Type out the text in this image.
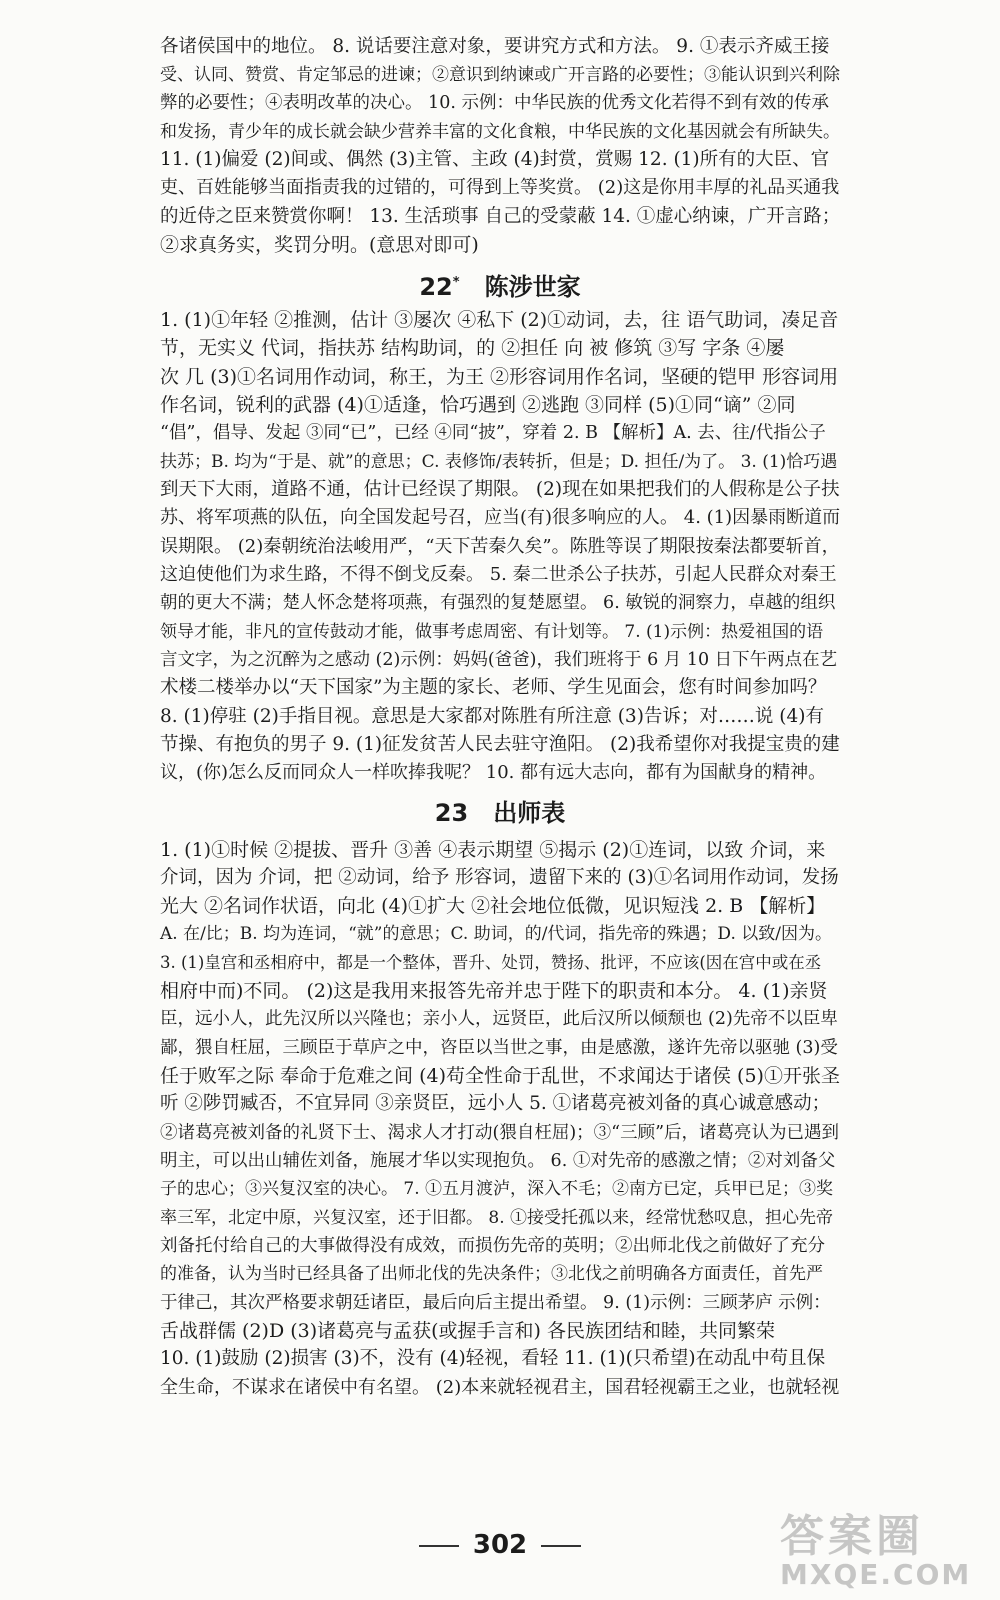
各诸侯国中的地位。 8. 说话要注意对象，要讲究方式和方法。 9. ①表示齐威王接
受、认同、赞赏、肯定邹忌的进谏；②意识到纳谏或广开言路的必要性；③能认识到兴利除
弊的必要性；④表明改革的决心。 10. 示例：中华民族的优秀文化若得不到有效的传承
和发扬，青少年的成长就会缺少营养丰富的文化食粮，中华民族的文化基因就会有所缺失。
11. (1)偏爱 (2)间或、偶然 (3)主管、主政 (4)封赏，赏赐 12. (1)所有的大臣、官
吏、百姓能够当面指责我的过错的，可得到上等奖赏。 (2)这是你用丰厚的礼品买通我
的近侍之臣来赞赏你啊！ 13. 生活琐事 自己的受蒙蔽 14. ①虚心纳谏，广开言路；
②求真务实，奖罚分明。(意思对即可)
22* 陈涉世家
1. (1)①年轻 ②推测，估计 ③屡次 ④私下 (2)①动词，去，往 语气助词，凑足音
节，无实义 代词，指扶苏 结构助词，的 ②担任 向 被 修筑 ③写 字条 ④屡
次 几 (3)①名词用作动词，称王，为王 ②形容词用作名词，坚硬的铠甲 形容词用
作名词，锐利的武器 (4)①适逢，恰巧遇到 ②逃跑 ③同样 (5)①同“谪” ②同
“倡”，倡导、发起 ③同“已”，已经 ④同“披”，穿着 2. B 【解析】A. 去、往/代指公子
扶苏；B. 均为“于是、就”的意思；C. 表修饰/表转折，但是；D. 担任/为了。 3. (1)恰巧遇
到天下大雨，道路不通，估计已经误了期限。 (2)现在如果把我们的人假称是公子扶
苏、将军项燕的队伍，向全国发起号召，应当(有)很多响应的人。 4. (1)因暴雨断道而
误期限。 (2)秦朝统治法峻用严，“天下苦秦久矣”。陈胜等误了期限按秦法都要斩首，
这迫使他们为求生路，不得不倒戈反秦。 5. 秦二世杀公子扶苏，引起人民群众对秦王
朝的更大不满；楚人怀念楚将项燕，有强烈的复楚愿望。 6. 敏锐的洞察力，卓越的组织
领导才能，非凡的宣传鼓动才能，做事考虑周密、有计划等。 7. (1)示例：热爱祖国的语
言文字，为之沉醉为之感动 (2)示例：妈妈(爸爸)，我们班将于 6 月 10 日下午两点在艺
术楼二楼举办以“天下国家”为主题的家长、老师、学生见面会，您有时间参加吗？
8. (1)停驻 (2)手指目视。意思是大家都对陈胜有所注意 (3)告诉；对……说 (4)有
节操、有抱负的男子 9. (1)征发贫苦人民去驻守渔阳。 (2)我希望你对我提宝贵的建
议，(你)怎么反而同众人一样吹捧我呢？ 10. 都有远大志向，都有为国献身的精神。
23 出师表
1. (1)①时候 ②提拔、晋升 ③善 ④表示期望 ⑤揭示 (2)①连词，以致 介词，来
介词，因为 介词，把 ②动词，给予 形容词，遗留下来的 (3)①名词用作动词，发扬
光大 ②名词作状语，向北 (4)①扩大 ②社会地位低微，见识短浅 2. B 【解析】
A. 在/比；B. 均为连词，“就”的意思；C. 助词，的/代词，指先帝的殊遇；D. 以致/因为。
3. (1)皇宫和丞相府中，都是一个整体，晋升、处罚，赞扬、批评，不应该(因在宫中或在丞
相府中而)不同。 (2)这是我用来报答先帝并忠于陛下的职责和本分。 4. (1)亲贤
臣，远小人，此先汉所以兴隆也；亲小人，远贤臣，此后汉所以倾颓也 (2)先帝不以臣卑
鄙，猥自枉屈，三顾臣于草庐之中，咨臣以当世之事，由是感激，遂许先帝以驱驰 (3)受
任于败军之际 奉命于危难之间 (4)苟全性命于乱世，不求闻达于诸侯 (5)①开张圣
听 ②陟罚臧否，不宜异同 ③亲贤臣，远小人 5. ①诸葛亮被刘备的真心诚意感动；
②诸葛亮被刘备的礼贤下士、渴求人才打动(猥自枉屈)；③“三顾”后，诸葛亮认为已遇到
明主，可以出山辅佐刘备，施展才华以实现抱负。 6. ①对先帝的感激之情；②对刘备父
子的忠心；③兴复汉室的决心。 7. ①五月渡泸，深入不毛；②南方已定，兵甲已足；③奖
率三军，北定中原，兴复汉室，还于旧都。 8. ①接受托孤以来，经常忧愁叹息，担心先帝
刘备托付给自己的大事做得没有成效，而损伤先帝的英明；②出师北伐之前做好了充分
的准备，认为当时已经具备了出师北伐的先决条件；③北伐之前明确各方面责任，首先严
于律己，其次严格要求朝廷诸臣，最后向后主提出希望。 9. (1)示例：三顾茅庐 示例：
舌战群儒 (2)D (3)诸葛亮与孟获(或握手言和) 各民族团结和睦，共同繁荣
10. (1)鼓励 (2)损害 (3)不，没有 (4)轻视，看轻 11. (1)(只希望)在动乱中苟且保
全生命，不谋求在诸侯中有名望。 (2)本来就轻视君主，国君轻视霸王之业，也就轻视
302	答案圈
MXQE.COM
